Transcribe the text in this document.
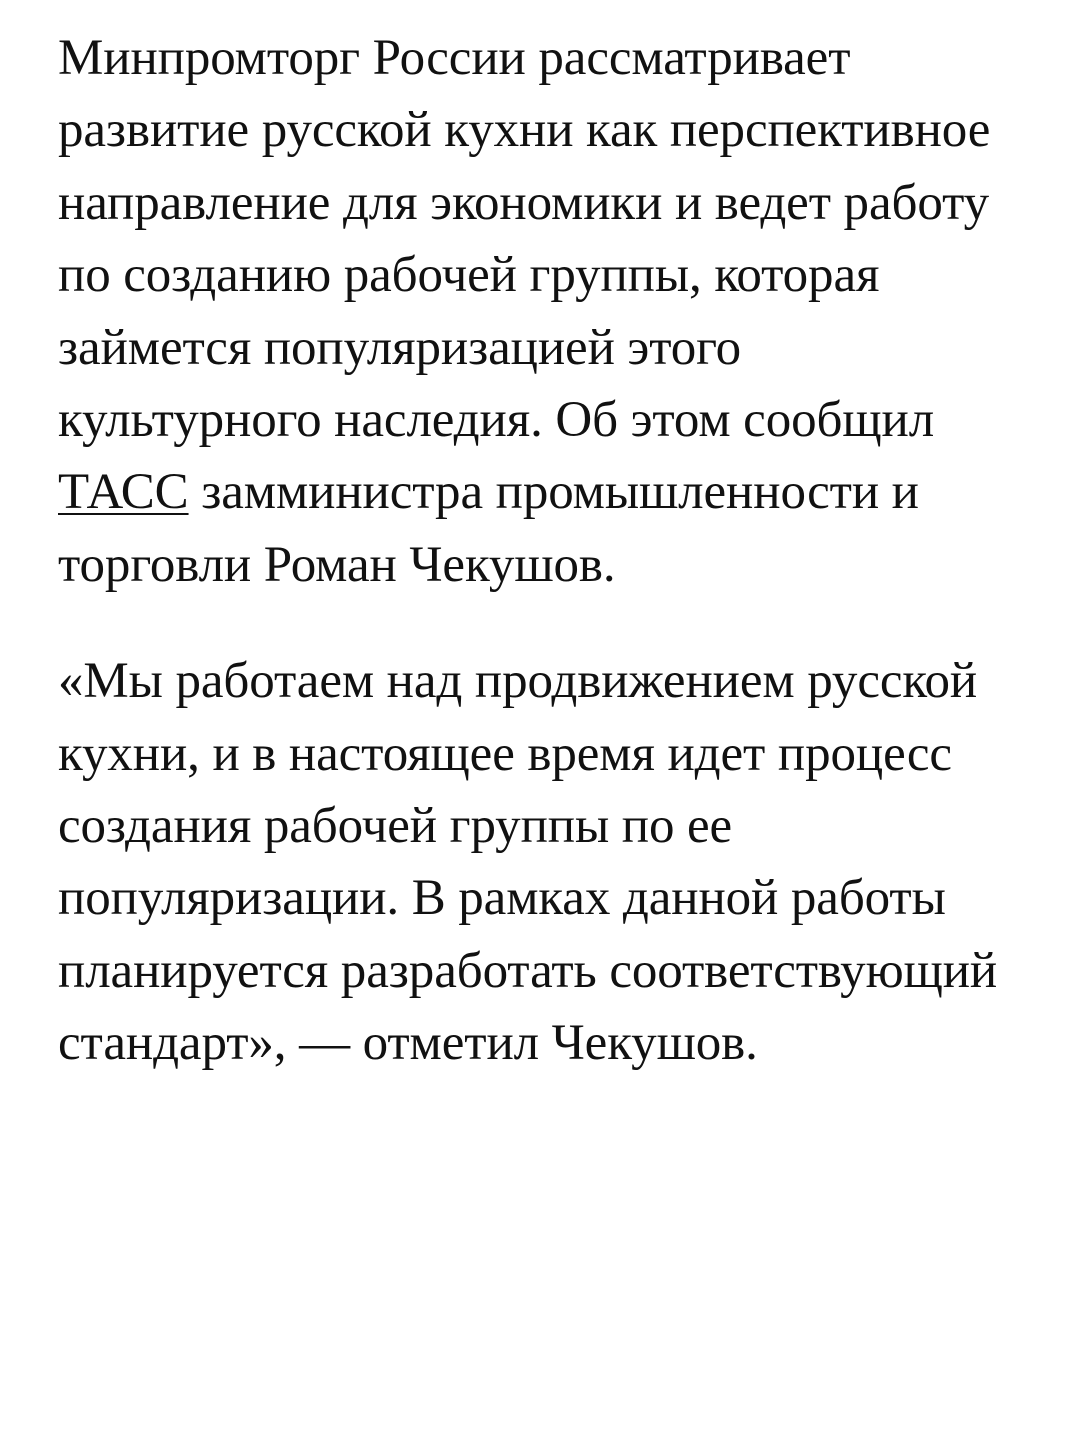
Минпромторг России рассматривает развитие русской кухни как перспективное направление для экономики и ведет работу по созданию рабочей группы, которая займется популяризацией этого культурного наследия. Об этом сообщил ТАСС замминистра промышленности и торговли Роман Чекушов.

«Мы работаем над продвижением русской кухни, и в настоящее время идет процесс создания рабочей группы по ее популяризации. В рамках данной работы планируется разработать соответствующий стандарт», — отметил Чекушов.
